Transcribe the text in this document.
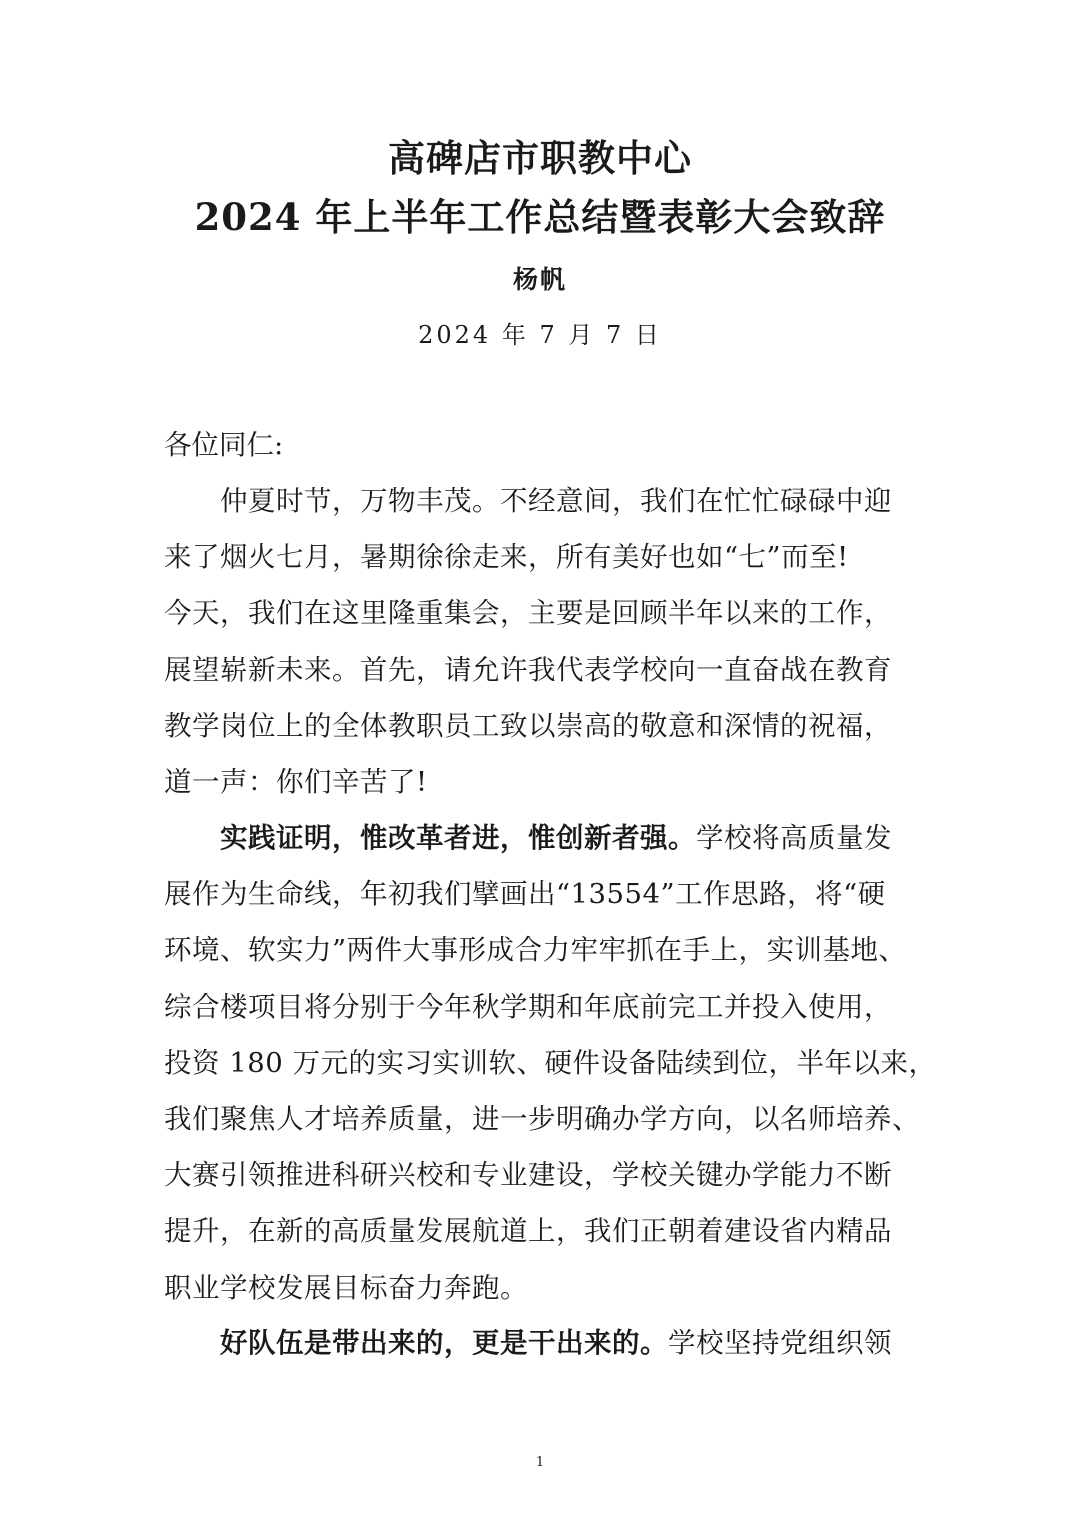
高碑店市职教中心
2024 年上半年工作总结暨表彰大会致辞
杨帆
2024 年 7 月 7 日
各位同仁:
仲夏时节，万物丰茂。不经意间，我们在忙忙碌碌中迎
来了烟火七月，暑期徐徐走来，所有美好也如“七”而至!
今天，我们在这里隆重集会，主要是回顾半年以来的工作，
展望崭新未来。首先，请允许我代表学校向一直奋战在教育
教学岗位上的全体教职员工致以崇高的敬意和深情的祝福，
道一声：你们辛苦了!
实践证明，惟改革者进，惟创新者强。学校将高质量发
展作为生命线，年初我们擘画出“13554”工作思路，将“硬
环境、软实力”两件大事形成合力牢牢抓在手上，实训基地、
综合楼项目将分别于今年秋学期和年底前完工并投入使用，
投资 180 万元的实习实训软、硬件设备陆续到位，半年以来，
我们聚焦人才培养质量，进一步明确办学方向，以名师培养、
大赛引领推进科研兴校和专业建设，学校关键办学能力不断
提升，在新的高质量发展航道上，我们正朝着建设省内精品
职业学校发展目标奋力奔跑。
好队伍是带出来的，更是干出来的。学校坚持党组织领
1
